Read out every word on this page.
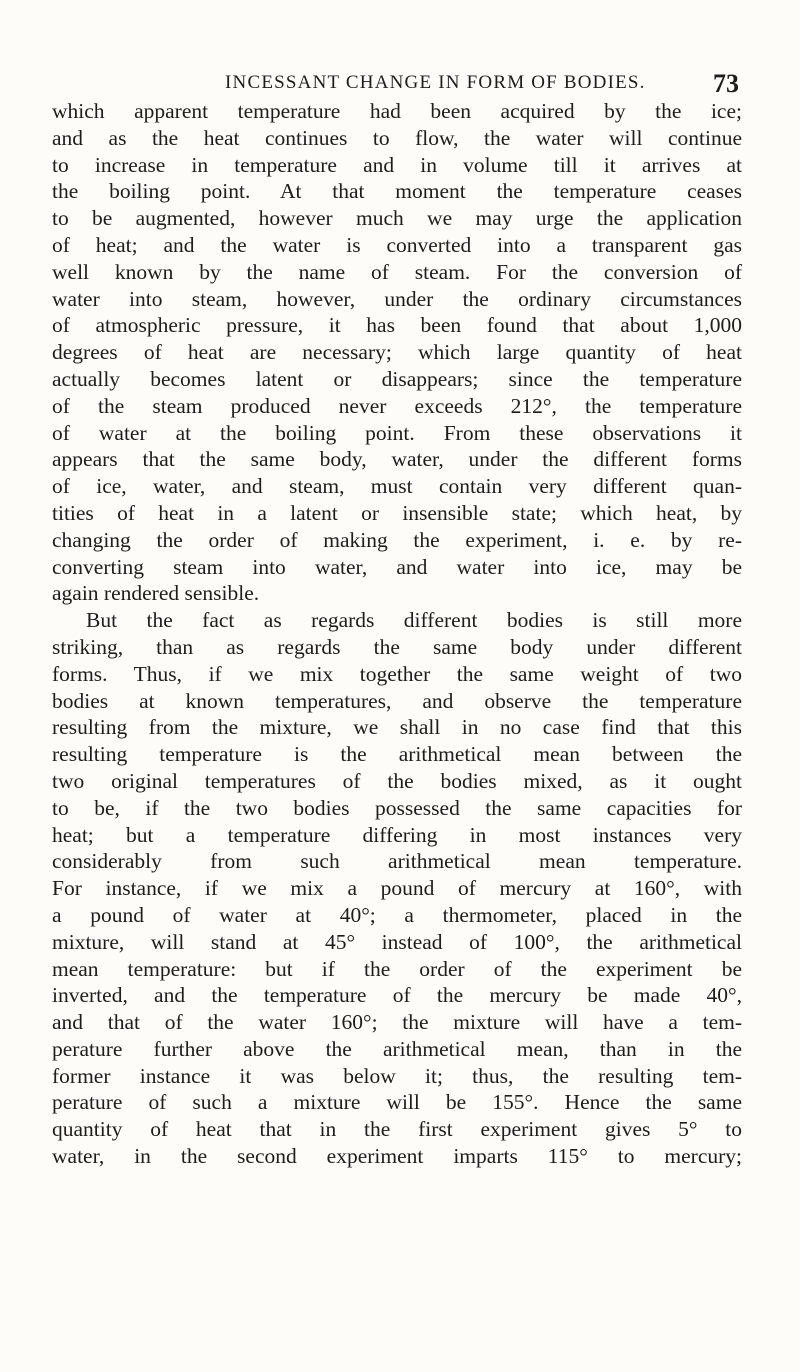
INCESSANT CHANGE IN FORM OF BODIES.	73
which apparent temperature had been acquired by the ice;
and as the heat continues to flow, the water will continue
to increase in temperature and in volume till it arrives at
the boiling point. At that moment the temperature ceases
to be augmented, however much we may urge the application
of heat; and the water is converted into a transparent gas
well known by the name of steam. For the conversion of
water into steam, however, under the ordinary circumstances
of atmospheric pressure, it has been found that about 1,000
degrees of heat are necessary; which large quantity of heat
actually becomes latent or disappears; since the temperature
of the steam produced never exceeds 212°, the temperature
of water at the boiling point. From these observations it
appears that the same body, water, under the different forms
of ice, water, and steam, must contain very different quan-
tities of heat in a latent or insensible state; which heat, by
changing the order of making the experiment, i. e. by re-
converting steam into water, and water into ice, may be
again rendered sensible.
But the fact as regards different bodies is still more
striking, than as regards the same body under different
forms. Thus, if we mix together the same weight of two
bodies at known temperatures, and observe the temperature
resulting from the mixture, we shall in no case find that this
resulting temperature is the arithmetical mean between the
two original temperatures of the bodies mixed, as it ought
to be, if the two bodies possessed the same capacities for
heat; but a temperature differing in most instances very
considerably from such arithmetical mean temperature.
For instance, if we mix a pound of mercury at 160°, with
a pound of water at 40°; a thermometer, placed in the
mixture, will stand at 45° instead of 100°, the arithmetical
mean temperature: but if the order of the experiment be
inverted, and the temperature of the mercury be made 40°,
and that of the water 160°; the mixture will have a tem-
perature further above the arithmetical mean, than in the
former instance it was below it; thus, the resulting tem-
perature of such a mixture will be 155°. Hence the same
quantity of heat that in the first experiment gives 5° to
water, in the second experiment imparts 115° to mercury;
